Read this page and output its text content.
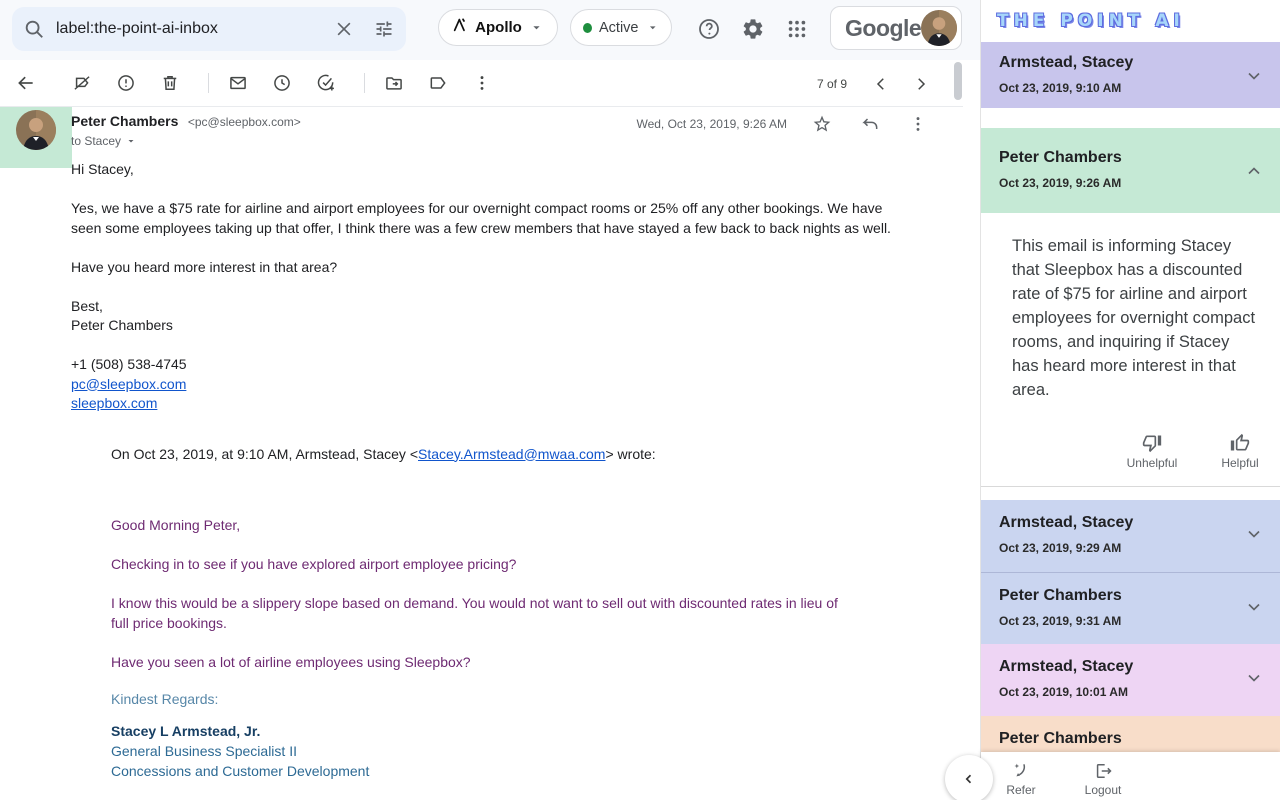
label:the-point-ai-inbox
Apollo	Active	Google
7 of 9
Peter Chambers <pc@sleepbox.com>
to Stacey
Wed, Oct 23, 2019, 9:26 AM

Hi Stacey,

Yes, we have a $75 rate for airline and airport employees for our overnight compact rooms or 25% off any other bookings. We have seen some employees taking up that offer, I think there was a few crew members that have stayed a few back to back nights as well.

Have you heard more interest in that area?

Best,

Peter Chambers

+1 (508) 538-4745

pc@sleepbox.com

sleepbox.com

On Oct 23, 2019, at 9:10 AM, Armstead, Stacey <Stacey.Armstead@mwaa.com> wrote:

Good Morning Peter,

Checking in to see if you have explored airport employee pricing?

I know this would be a slippery slope based on demand. You would not want to sell out with discounted rates in lieu of full price bookings.

Have you seen a lot of airline employees using Sleepbox?

Kindest Regards:
Stacey L Armstead, Jr.
General Business Specialist II
Concessions and Customer Development
THE POINT AI
Armstead, Stacey
Oct 23, 2019, 9:10 AM
Peter Chambers
Oct 23, 2019, 9:26 AM
This email is informing Stacey that Sleepbox has a discounted rate of $75 for airline and airport employees for overnight compact rooms, and inquiring if Stacey has heard more interest in that area.
Unhelpful	Helpful
Armstead, Stacey
Oct 23, 2019, 9:29 AM
Peter Chambers
Oct 23, 2019, 9:31 AM
Armstead, Stacey
Oct 23, 2019, 10:01 AM
Peter Chambers
Refer	Logout
